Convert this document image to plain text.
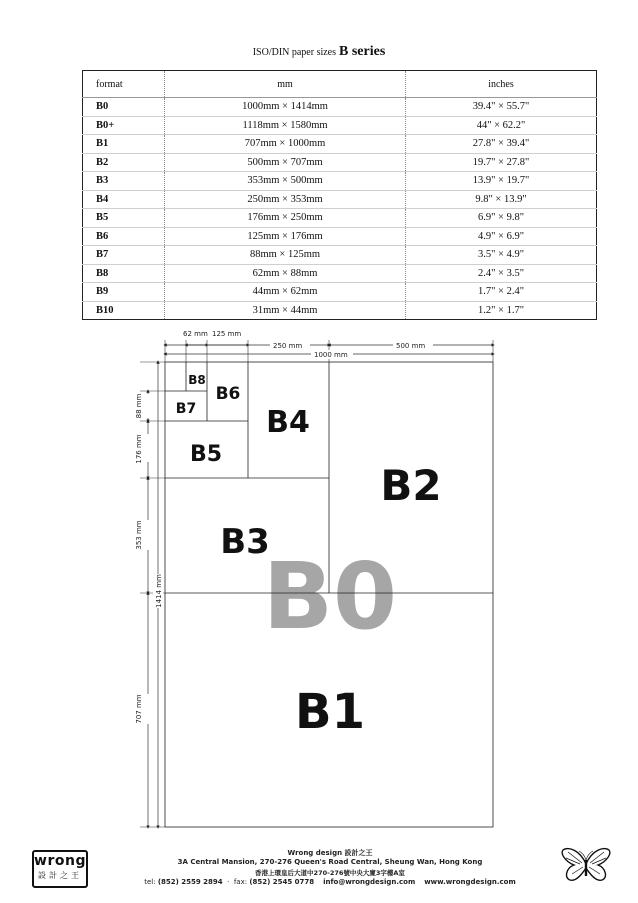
ISO/DIN paper sizes B series
format	mm	inches
B0	1000mm × 1414mm	39.4" × 55.7"
B0+	1118mm × 1580mm	44" × 62.2"
B1	707mm × 1000mm	27.8" × 39.4"
B2	500mm × 707mm	19.7" × 27.8"
B3	353mm × 500mm	13.9" × 19.7"
B4	250mm × 353mm	9.8" × 13.9"
B5	176mm × 250mm	6.9" × 9.8"
B6	125mm × 176mm	4.9" × 6.9"
B7	88mm × 125mm	3.5" × 4.9"
B8	62mm × 88mm	2.4" × 3.5"
B9	44mm × 62mm	1.7" × 2.4"
B10	31mm × 44mm	1.2" × 1.7"
62 mm 125 mm
250 mm	500 mm
1000 mm
88 mm
176 mm
353 mm
707 mm
1414 mm B0
B1
B2
B3
B4
B5
B6
B7
B8
wrong
設計之王
Wrong design 設計之王
3A Central Mansion, 270-276 Queen's Road Central, Sheung Wan, Hong Kong
香港上環皇后大道中270-276號中央大廈3字樓A室
tel: (852) 2559 2894  ·  fax: (852) 2545 0778 info@wrongdesign.com www.wrongdesign.com
